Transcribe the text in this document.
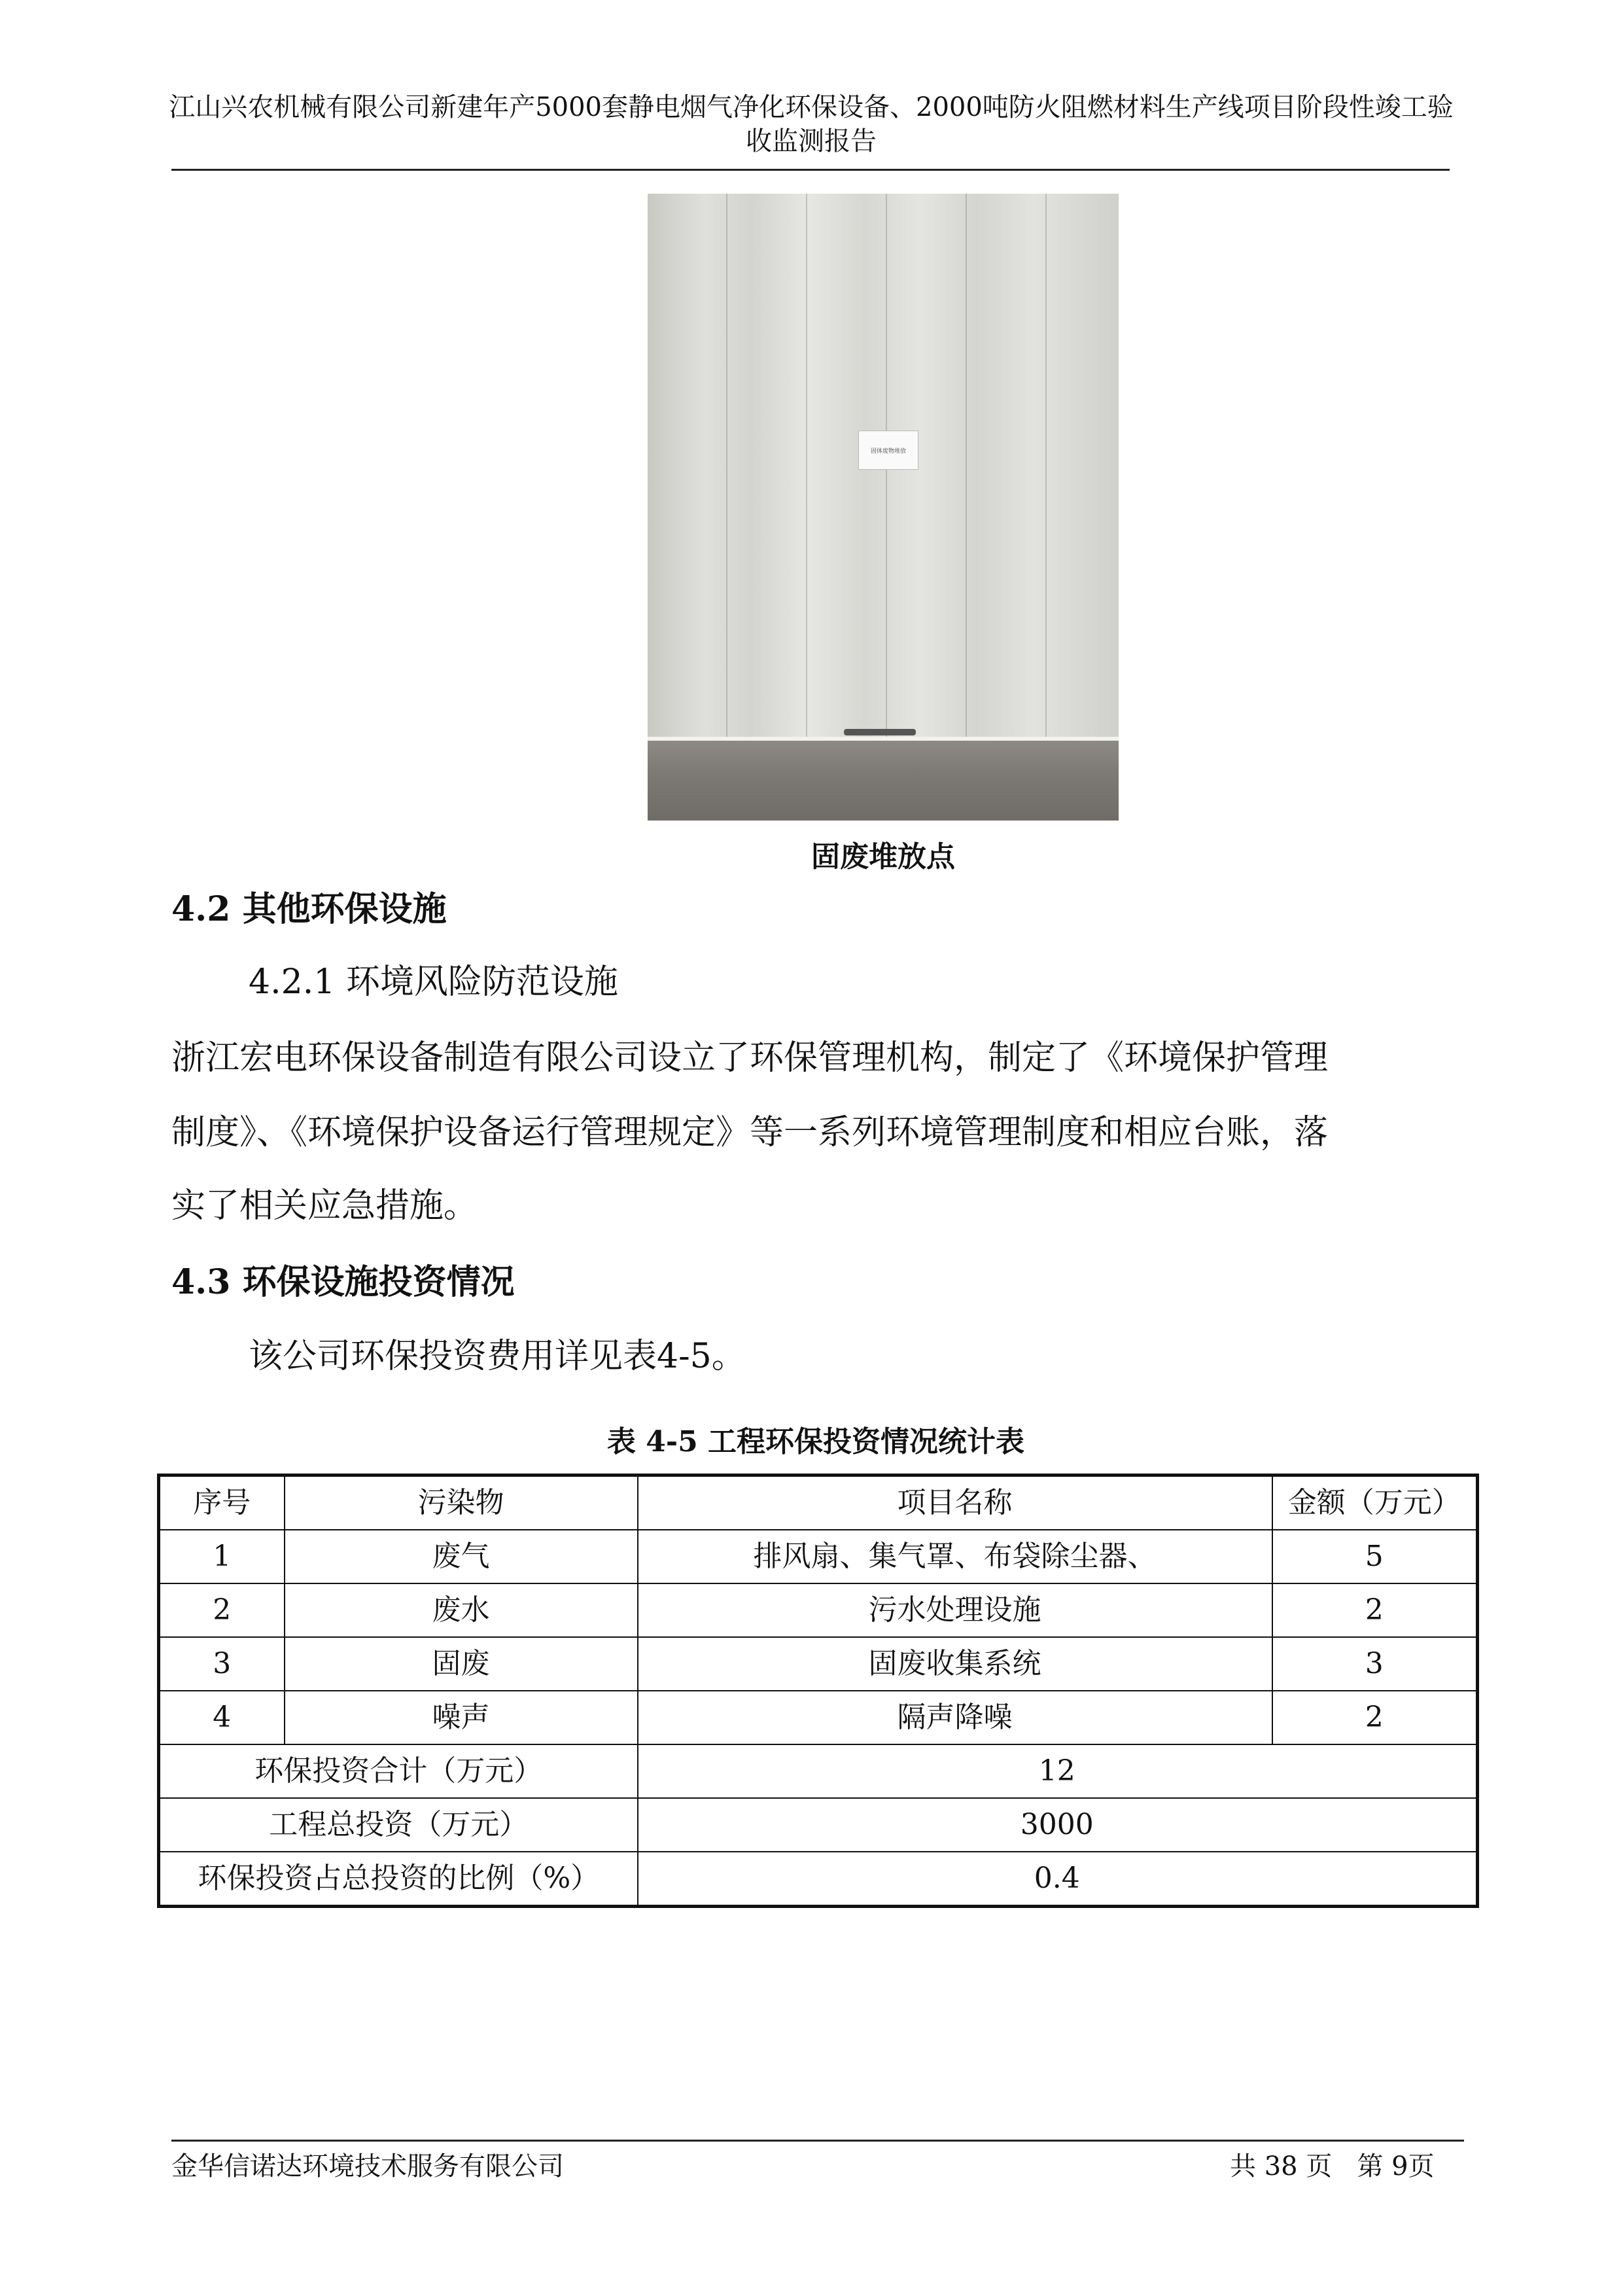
江山兴农机械有限公司新建年产5000套静电烟气净化环保设备、2000吨防火阻燃材料生产线项目阶段性竣工验收监测报告
固体废物堆放
固废堆放点
4.2 其他环保设施
4.2.1 环境风险防范设施
浙江宏电环保设备制造有限公司设立了环保管理机构，制定了《环境保护管理
制度》、《环境保护设备运行管理规定》等一系列环境管理制度和相应台账，落
实了相关应急措施。
4.3 环保设施投资情况
该公司环保投资费用详见表4-5。
表 4-5 工程环保投资情况统计表
序号	污染物	项目名称	金额（万元）
1	废气	排风扇、集气罩、布袋除尘器、	5
2	废水	污水处理设施	2
3	固废	固废收集系统	3
4	噪声	隔声降噪	2
环保投资合计（万元）		12	
工程总投资（万元）		3000	
环保投资占总投资的比例（%）		0.4	
金华信诺达环境技术服务有限公司	共 38 页   第 9页
